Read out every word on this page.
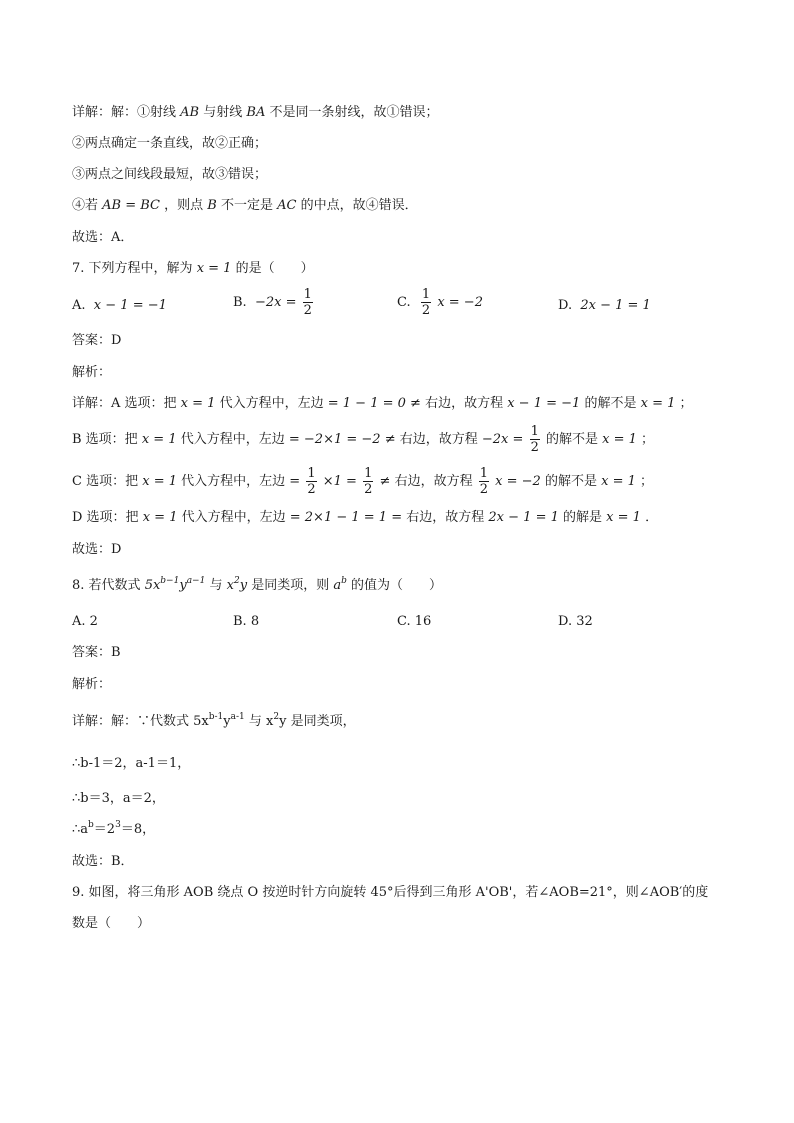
详解：解：①射线 AB 与射线 BA 不是同一条射线，故①错误；
②两点确定一条直线，故②正确；
③两点之间线段最短，故③错误；
④若 AB = BC ，则点 B 不一定是 AC 的中点，故④错误．
故选：A．
7. 下列方程中，解为 x = 1 的是（　　）
A. x − 1 = −1	B. $-2x = \frac{1}{2}$	C. $\frac{1}{2}$ x = −2	D. 2x − 1 = 1
答案：D
解析：
详解：A 选项：把 x = 1 代入方程中，左边 = 1 − 1 = 0 ≠ 右边，故方程 x − 1 = −1 的解不是 x = 1 ；
B 选项：把 x = 1 代入方程中，左边 = −2×1 = −2 ≠ 右边，故方程 $-2x = \frac{1}{2}$ 的解不是 x = 1 ；
C 选项：把 x = 1 代入方程中，左边 = $\frac{1}{2} \times 1 = \frac{1}{2}$ ≠ 右边，故方程 $\frac{1}{2}$ x = −2 的解不是 x = 1 ；
D 选项：把 x = 1 代入方程中，左边 = 2×1 − 1 = 1 = 右边，故方程 2x − 1 = 1 的解是 x = 1 ．
故选：D
8. 若代数式 $5x^{b-1}y^{a-1}$ 与 $x^2y$ 是同类项，则 $a^b$ 的值为（　　）
A. 2	B. 8	C. 16	D. 32
答案：B
解析：
详解：解：∵代数式 $5x^{b-1}y^{a-1}$ 与 $x^2y$ 是同类项，
∴b-1＝2，a-1＝1，
∴b＝3，a＝2，
$\therefore a^b=2^3=8$，
故选：B．
9. 如图，将三角形 AOB 绕点 O 按逆时针方向旋转 45°后得到三角形 A'OB'，若∠AOB=21°，则∠AOB′的度
数是（　　）
